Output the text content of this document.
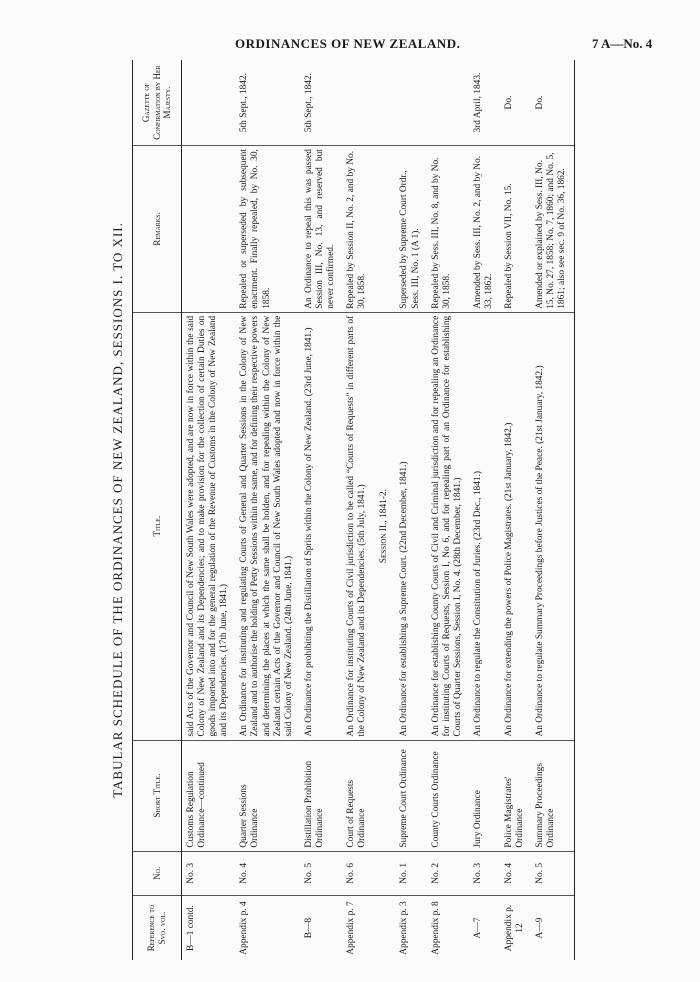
ORDINANCES OF NEW ZEALAND.	7 A—No. 4
TABULAR SCHEDULE OF THE ORDINANCES OF NEW ZEALAND, SESSIONS I. TO XII.
Reference to Svo. vol.	No.	Short Title.	Title.	Remarks.	Gazette of Confirmation by Her Majesty.
B—1 contd.	No. 3	Customs Regulation Ordinance—continued	said Acts of the Governor and Council of New South Wales were adopted, and are now in force within the said Colony of New Zealand and its Dependencies; and to make provision for the collection of certain Duties on goods imported into and for the general regulation of the Revenue of Customs in the Colony of New Zealand and its Dependencies. (17th June, 1841.)		
Appendix p. 4	No. 4	Quarter Sessions Ordinance	An Ordinance for instituting and regulating Courts of General and Quarter Sessions in the Colony of New Zealand and to authorise the holding of Petty Sessions within the same, and for defining their respective powers and determining the places at which the same shall be holden, and for repealing within the Colony of New Zealand certain Acts of the Governor and Council of New South Wales adopted and now in force within the said Colony of New Zealand. (24th June, 1841.)	Repealed or superseded by subsequent enactment. Finally repealed, by No. 30, 1858.	5th Sept., 1842.
B—8	No. 5	Distillation Prohibition Ordinance	An Ordinance for prohibiting the Distillation of Sprits within the Colony of New Zealand. (23rd June, 1841.)	An Ordinance to repeal this was passed Session III, No. 13, and reserved but never confirmed.	5th Sept., 1842.
Appendix p. 7	No. 6	Court of Requests Ordinance	An Ordinance for instituting Courts of Civil jurisdiction to be called “Courts of Requests” in different parts of the Colony of New Zealand and its Dependencies. (5th July, 1841.)	Repealed by Session II, No. 2, and by No. 30, 1858.	
			Session II., 1841-2.		
Appendix p. 3	No. 1	Supreme Court Ordinance	An Ordinance for establishing a Supreme Court. (22nd December, 1841.)	Superseded by Supreme Court Ordr., Sess. III, No. 1 (A 1).	
Appendix p. 8	No. 2	County Courts Ordinance	An Ordinance for establishing County Courts of Civil and Criminal jurisdiction and for repealing an Ordinance for instituting Courts of Requests, Session I, No 6, and for repealing part of an Ordinance for establishing Courts of Quarter Sessions, Session I, No. 4. (28th December, 1841.)	Repealed by Sess. III, No. 8, and by No. 30, 1858.	
A—7	No. 3	Jury Ordinance	An Ordinance to regulate the Constitution of Juries. (23rd Dec., 1841.)	Amended by Sess. III, No. 2, and by No. 33, 1862.	3rd April, 1843.
Appendix p. 12	No. 4	Police Magistrates' Ordinance	An Ordinance for extending the powers of Police Magistrates. (21st January, 1842.)	Repealed by Session VII, No. 15.	Do.
A—9	No. 5	Summary Proceedings Ordinance	An Ordinance to regulate Summary Proceedings before Justices of the Peace. (21st January, 1842.)	Amended or explained by Sess. III, No. 15, No. 27, 1858; No. 7, 1860; and No. 5, 1861; also see sec. 9 of No. 36, 1862.	Do.
